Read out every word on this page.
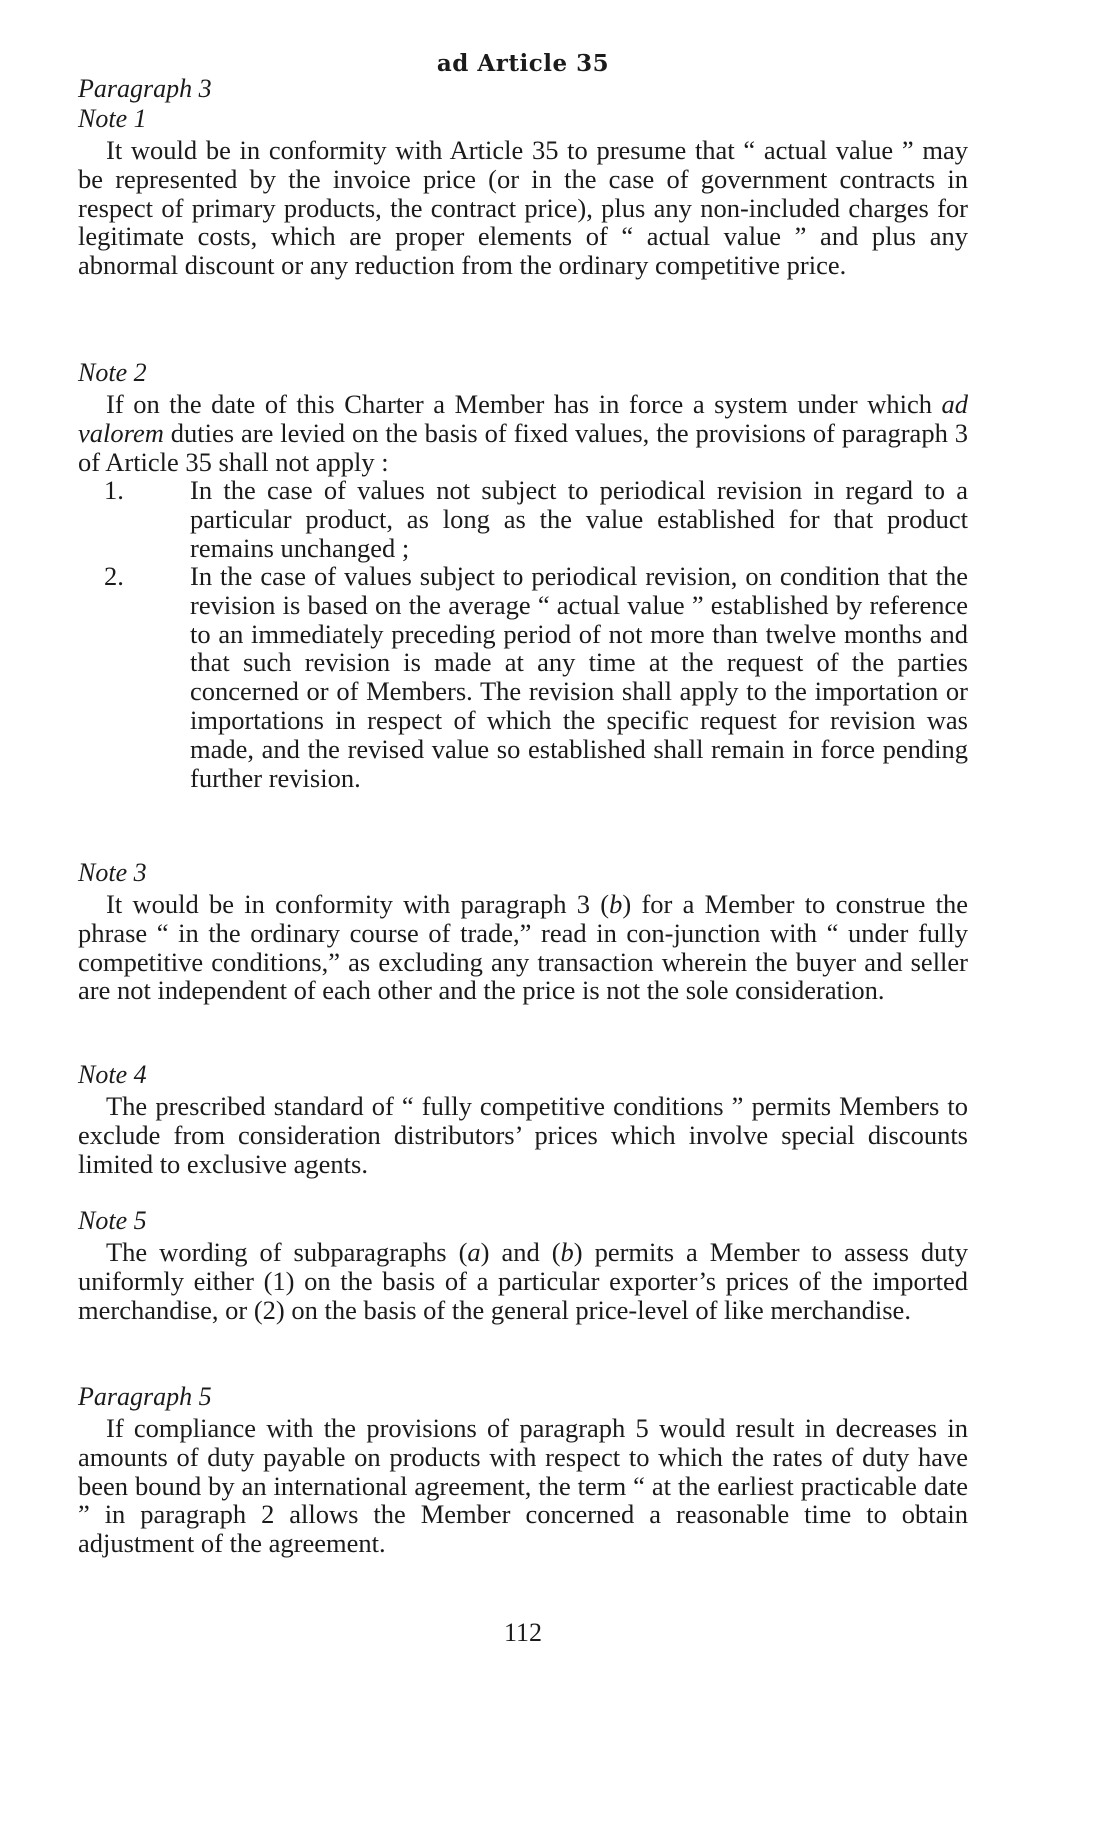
ad Article 35
Paragraph 3
Note 1
It would be in conformity with Article 35 to presume that “ actual value ” may be represented by the invoice price (or in the case of government contracts in respect of primary products, the contract price), plus any non-included charges for legitimate costs, which are proper elements of “ actual value ” and plus any abnormal discount or any reduction from the ordinary competitive price.
Note 2
If on the date of this Charter a Member has in force a system under which ad valorem duties are levied on the basis of fixed values, the provisions of paragraph 3 of Article 35 shall not apply :
1. In the case of values not subject to periodical revision in regard to a particular product, as long as the value established for that product remains unchanged ;
2. In the case of values subject to periodical revision, on condition that the revision is based on the average “ actual value ” established by reference to an immediately preceding period of not more than twelve months and that such revision is made at any time at the request of the parties concerned or of Members. The revision shall apply to the importation or importations in respect of which the specific request for revision was made, and the revised value so established shall remain in force pending further revision.
Note 3
It would be in conformity with paragraph 3 (b) for a Member to construe the phrase “ in the ordinary course of trade,” read in con-junction with “ under fully competitive conditions,” as excluding any transaction wherein the buyer and seller are not independent of each other and the price is not the sole consideration.
Note 4
The prescribed standard of “ fully competitive conditions ” permits Members to exclude from consideration distributors’ prices which involve special discounts limited to exclusive agents.
Note 5
The wording of subparagraphs (a) and (b) permits a Member to assess duty uniformly either (1) on the basis of a particular exporter’s prices of the imported merchandise, or (2) on the basis of the general price-level of like merchandise.
Paragraph 5
If compliance with the provisions of paragraph 5 would result in decreases in amounts of duty payable on products with respect to which the rates of duty have been bound by an international agreement, the term “ at the earliest practicable date ” in paragraph 2 allows the Member concerned a reasonable time to obtain adjustment of the agreement.
112
